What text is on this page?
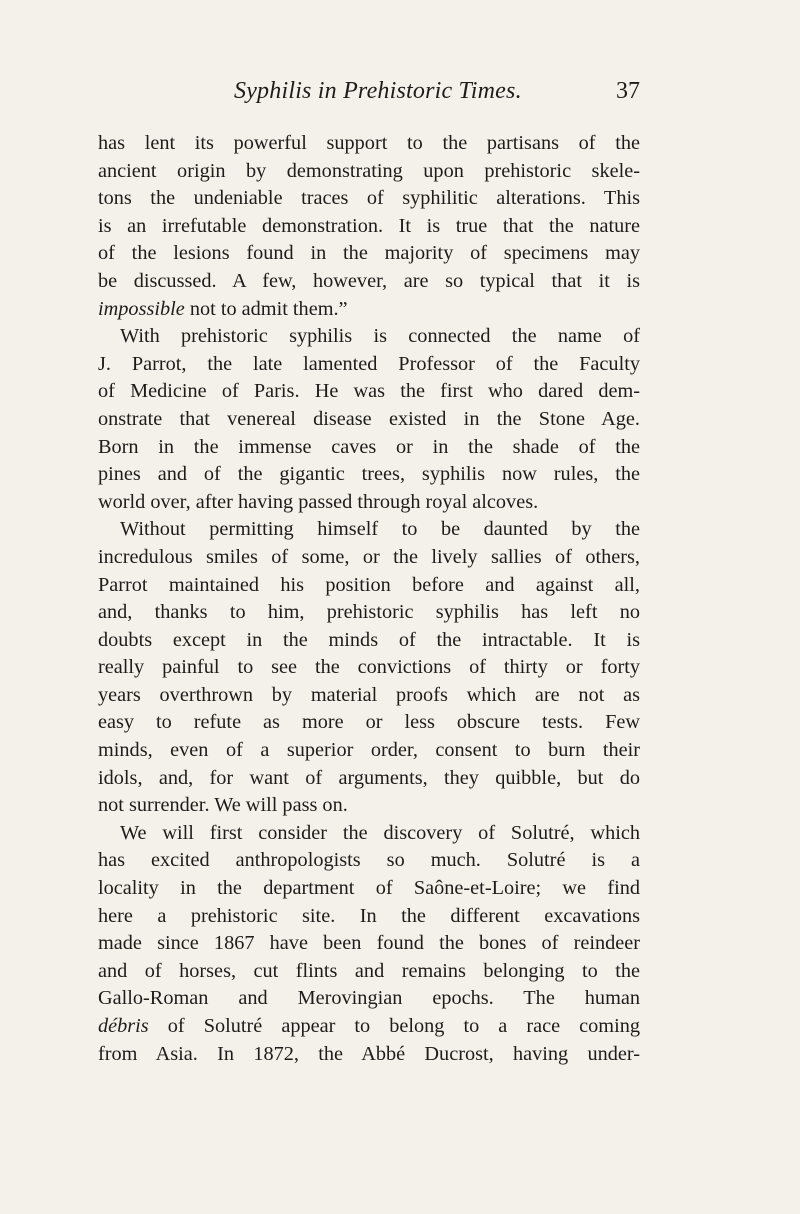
Syphilis in Prehistoric Times.	37
has lent its powerful support to the partisans of the
ancient origin by demonstrating upon prehistoric skele-
tons the undeniable traces of syphilitic alterations. This
is an irrefutable demonstration. It is true that the nature
of the lesions found in the majority of specimens may
be discussed. A few, however, are so typical that it is
impossible not to admit them.”
With prehistoric syphilis is connected the name of
J. Parrot, the late lamented Professor of the Faculty
of Medicine of Paris. He was the first who dared dem-
onstrate that venereal disease existed in the Stone Age.
Born in the immense caves or in the shade of the
pines and of the gigantic trees, syphilis now rules, the
world over, after having passed through royal alcoves.
Without permitting himself to be daunted by the
incredulous smiles of some, or the lively sallies of others,
Parrot maintained his position before and against all,
and, thanks to him, prehistoric syphilis has left no
doubts except in the minds of the intractable. It is
really painful to see the convictions of thirty or forty
years overthrown by material proofs which are not as
easy to refute as more or less obscure tests. Few
minds, even of a superior order, consent to burn their
idols, and, for want of arguments, they quibble, but do
not surrender. We will pass on.
We will first consider the discovery of Solutré, which
has excited anthropologists so much. Solutré is a
locality in the department of Saône-et-Loire; we find
here a prehistoric site. In the different excavations
made since 1867 have been found the bones of reindeer
and of horses, cut flints and remains belonging to the
Gallo-Roman and Merovingian epochs. The human
débris of Solutré appear to belong to a race coming
from Asia. In 1872, the Abbé Ducrost, having under-
